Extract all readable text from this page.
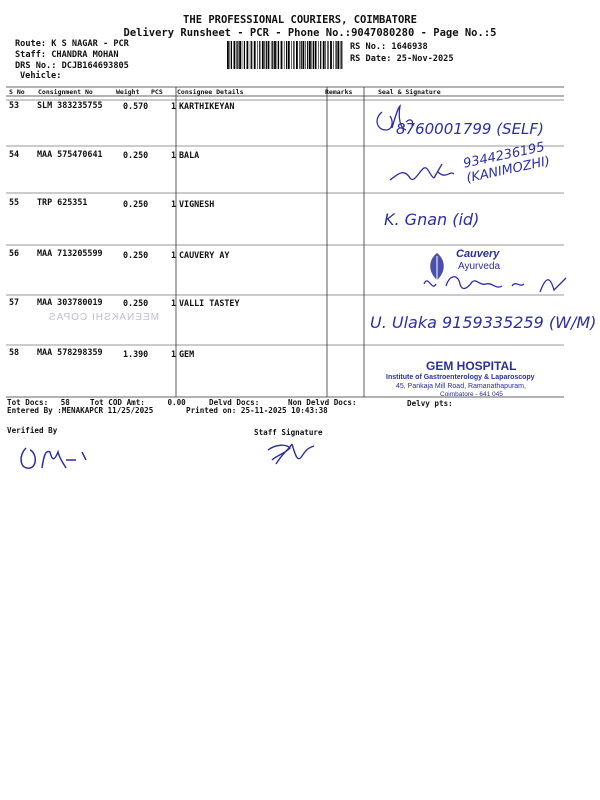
THE PROFESSIONAL COURIERS, COIMBATORE
Delivery Runsheet - PCR - Phone No.:9047080280 - Page No.:5
Route: K S NAGAR - PCR
Staff: CHANDRA MOHAN
DRS No.: DCJB164693805
Vehicle:
RS No.: 1646938
RS Date: 25-Nov-2025
S No Consignment No	Weight PCS Consignee Details	Remarks	Seal & Signature
53 SLM 383235755 0.570	1 KARTHIKEYAN
54 MAA 575470641 0.250	1 BALA
55 TRP 625351	0.250	1 VIGNESH
56 MAA 713205599 0.250	1 CAUVERY AY
57 MAA 303780019 0.250	1 VALLI TASTEY
58 MAA 578298359 1.390	1 GEM
MEENAKSHI COPAS
8760001799 (SELF)
9344236195 (KANIMOZHI)
K. Gnan (id)
Cauvery
Ayurveda
U. Ulaka 9159335259 (W/M)
GEM HOSPITAL
Institute of Gastroenterology & Laparoscopy
45, Pankaja Mill Road, Ramanathapuram,
Coimbatore - 641 045
Tot Docs: 58	Tot COD Amt:	0.00	Delvd Docs:	Non Delvd Docs:	Delvy pts:
Entered By :MENAKAPCR 11/25/2025	Printed on: 25-11-2025 10:43:38
Verified By	Staff Signature
